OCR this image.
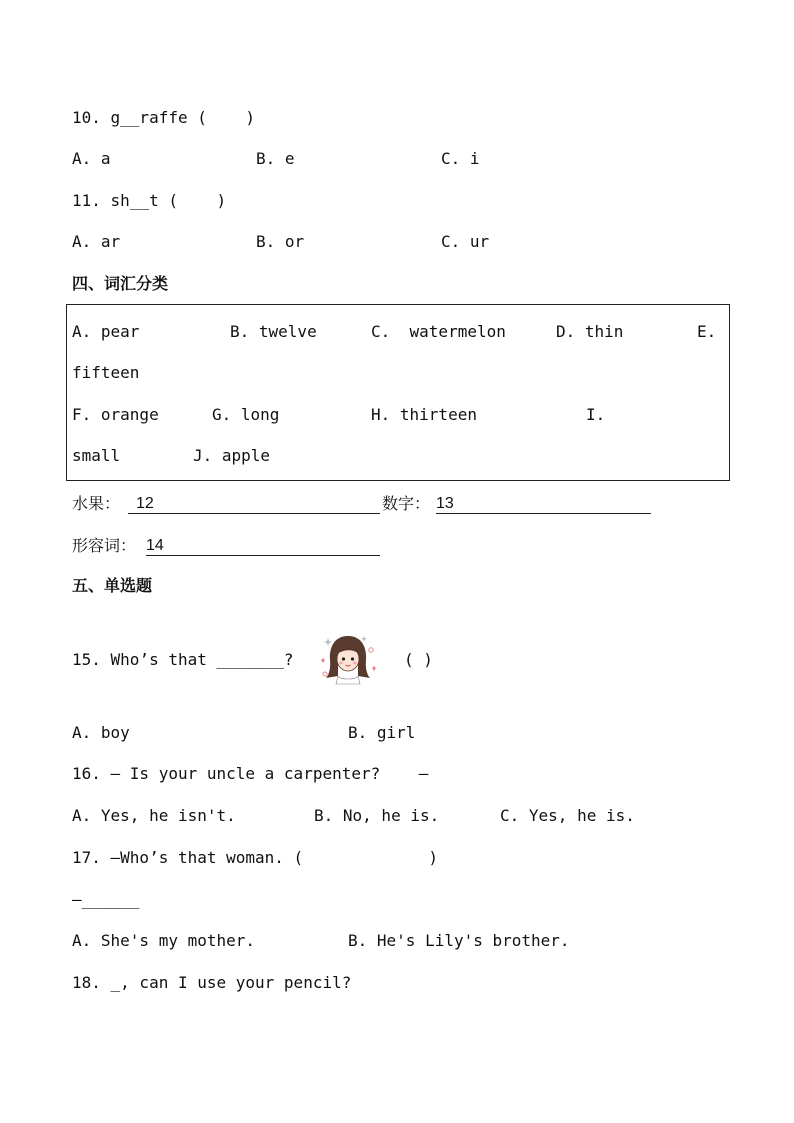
10. g__raffe (    )
A. a	B. e	C. i
11. sh__t (    )
A. ar	B. or	C. ur
四、词汇分类
A. pear	B. twelve	C.  watermelon	D. thin	E.
fifteen
F. orange	G. long	H. thirteen	I.
small	J. apple
水果： 12	数字： 13
形容词： 14
五、单选题
15. Who’s that _______?	( )
A. boy	B. girl
16. — Is your uncle a carpenter?    —
A. Yes, he isn't.	B. No, he is.	C. Yes, he is.
17. —Who’s that woman. (             )
—______
A. She's my mother.	B. He's Lily's brother.
18. _, can I use your pencil?
